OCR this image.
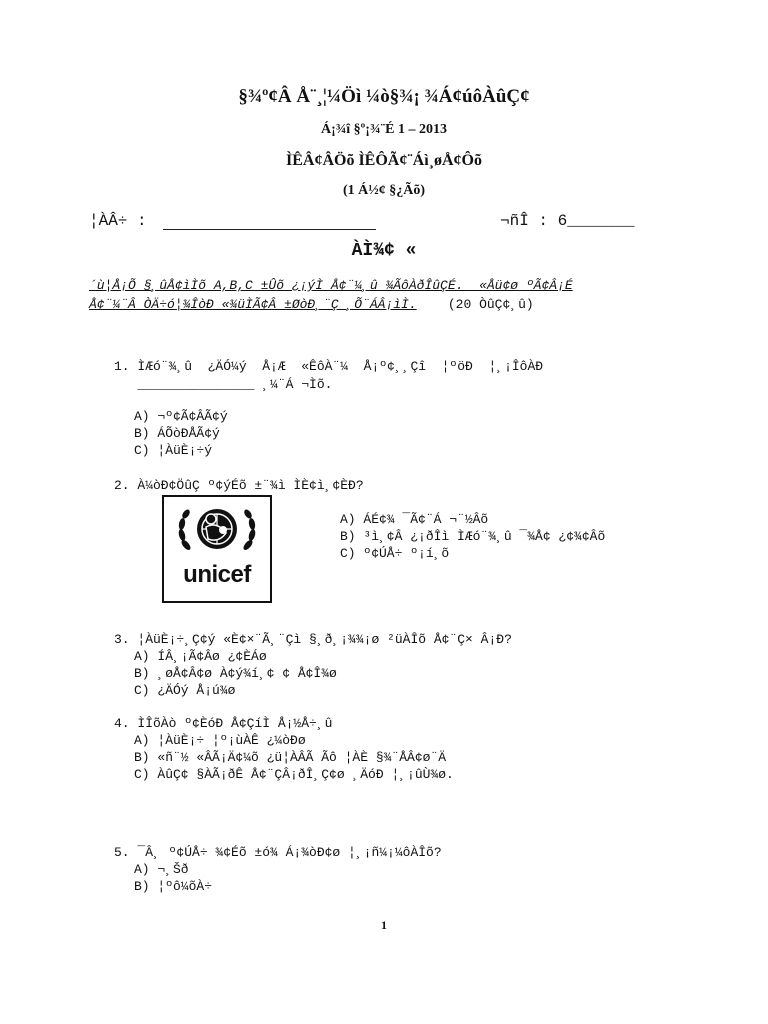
§¾º¢Â Å¨¸¦¼Öì ¼ò§¾¡ ¾Á¢úôÀûÇ¢
Á¡¾î §º¡¾¨É 1 – 2013
ÌÊÂ¢ÂÖõ ÌÊÔÃ¢¨Áì¸øÅ¢Ôõ
(1 Á½¢ §¿Ãõ)
¦ÀÂ÷ :	¬ñÎ : 6_______
ÀÌ¾¢ «
´ù¦Å¡Õ §¸ûÅ¢ìÌõ A,B,C ±Ûõ ¿¡ýÌ Å¢¨¼¸û ¾ÃôÀðÎûÇÉ.  «Åü¢ø ºÃ¢Â¡É
Å¢¨¼¨Â ÒÄ÷ó¦¾ÎòÐ «¾üÌÃ¢Â ±ØòÐ¸¨Ç ¸Õ¨ÁÂ¡ìÌ. (20 ÒûÇ¢¸û)
1. ÌÆó¨¾¸û  ¿ÄÓ¼ý  Å¡Æ  «ÊôÀ¨¼  Å¡º¢¸¸Çî  ¦ºöÐ  ¦¸¡ÎôÀÐ
_______________ ¸¼¨Á ¬Ìõ.
A) ¬º¢Ã¢ÂÃ¢ý
B) ÁÕòÐÅÃ¢ý
C) ¦ÀüÈ¡÷ý
2. À¼òÐ¢ÖûÇ º¢ýÉõ ±¨¾ì ÌÈ¢ì¸¢ÈÐ?
unicef
A) ÁÉ¢¾ ¯Ã¢¨Á ¬¨½Âõ
B) ³ì¸¢Â ¿¡ðÎì ÌÆó¨¾¸û ¯¾Å¢ ¿¢¾¢Âõ
C) º¢ÚÅ÷ º¡í¸õ
3. ¦ÀüÈ¡÷¸Ç¢ý «È¢×¨Ã¸¨Çì §¸ð¸¡¾¾¡ø ²üÀÎõ Å¢¨Ç× Â¡Ð?
A) ÍÂ¸¡Ã¢Âø ¿¢ÈÁø
B) ¸øÅ¢Â¢ø À¢ý¾í¸¢ ¢ Å¢Î¾ø
C) ¿ÄÓý Å¡ú¾ø
4. ÌÎõÀò º¢ÈóÐ Å¢ÇíÌ Å¡½Å÷¸û
A) ¦ÀüÈ¡÷ ¦º¡ùÀÊ ¿¼òÐø
B) «ñ¨½ «ÂÃ¡Ä¢¼õ ¿ü¦ÀÂÃ Ãô ¦ÀÈ §¾¨ÅÂ¢ø¨Ä
C) ÀûÇ¢ §ÀÃ¡ðÊ Å¢¨ÇÂ¡ðÎ¸Ç¢ø ¸ÄóÐ ¦¸¡ûÙ¾ø.
5. ¯Â¸ º¢ÚÅ÷ ¾¢Éõ ±ó¾ Á¡¾òÐ¢ø ¦¸¡ñ¼¡¼ôÀÎõ?
A) ¬¸Šð
B) ¦ºô¼õÀ÷
1
